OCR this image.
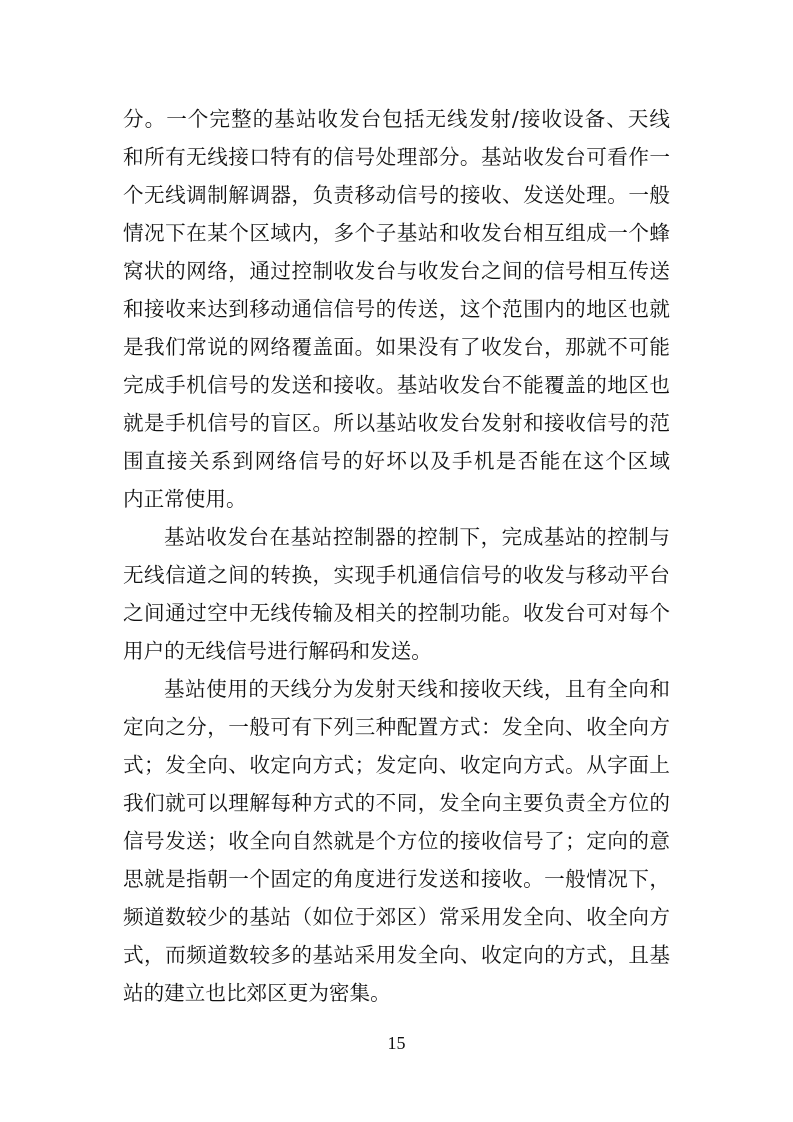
分。一个完整的基站收发台包括无线发射/接收设备、天线
和所有无线接口特有的信号处理部分。基站收发台可看作一
个无线调制解调器，负责移动信号的接收、发送处理。一般
情况下在某个区域内，多个子基站和收发台相互组成一个蜂
窝状的网络，通过控制收发台与收发台之间的信号相互传送
和接收来达到移动通信信号的传送，这个范围内的地区也就
是我们常说的网络覆盖面。如果没有了收发台，那就不可能
完成手机信号的发送和接收。基站收发台不能覆盖的地区也
就是手机信号的盲区。所以基站收发台发射和接收信号的范
围直接关系到网络信号的好坏以及手机是否能在这个区域
内正常使用。
基站收发台在基站控制器的控制下，完成基站的控制与
无线信道之间的转换，实现手机通信信号的收发与移动平台
之间通过空中无线传输及相关的控制功能。收发台可对每个
用户的无线信号进行解码和发送。
基站使用的天线分为发射天线和接收天线，且有全向和
定向之分，一般可有下列三种配置方式：发全向、收全向方
式；发全向、收定向方式；发定向、收定向方式。从字面上
我们就可以理解每种方式的不同，发全向主要负责全方位的
信号发送；收全向自然就是个方位的接收信号了；定向的意
思就是指朝一个固定的角度进行发送和接收。一般情况下，
频道数较少的基站（如位于郊区）常采用发全向、收全向方
式，而频道数较多的基站采用发全向、收定向的方式，且基
站的建立也比郊区更为密集。
15
